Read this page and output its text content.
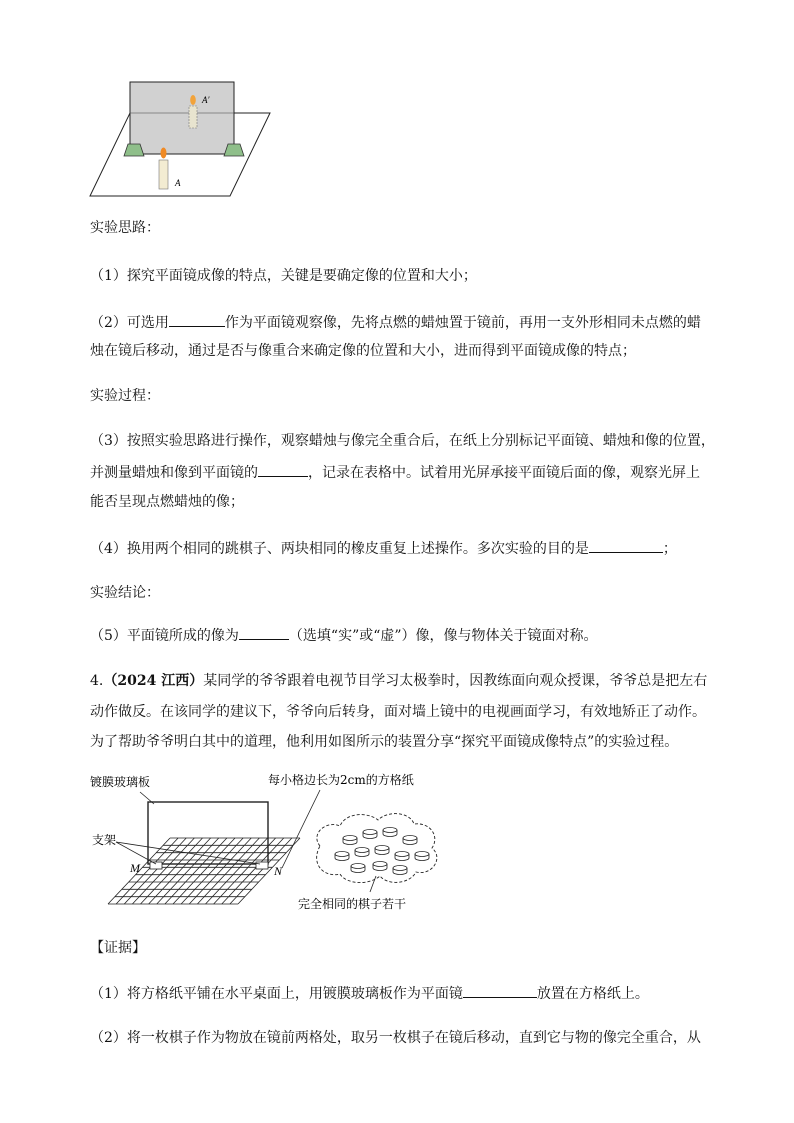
A′
A
实验思路：
（1）探究平面镜成像的特点，关键是要确定像的位置和大小；
（2）可选用	作为平面镜观察像，先将点燃的蜡烛置于镜前，再用一支外形相同未点燃的蜡
烛在镜后移动，通过是否与像重合来确定像的位置和大小，进而得到平面镜成像的特点；
实验过程：
（3）按照实验思路进行操作，观察蜡烛与像完全重合后，在纸上分别标记平面镜、蜡烛和像的位置，
并测量蜡烛和像到平面镜的	，记录在表格中。试着用光屏承接平面镜后面的像，观察光屏上
能否呈现点燃蜡烛的像；
（4）换用两个相同的跳棋子、两块相同的橡皮重复上述操作。多次实验的目的是	；
实验结论：
（5）平面镜所成的像为	（选填“实”或“虚”）像，像与物体关于镜面对称。
4.（2024 江西）某同学的爷爷跟着电视节目学习太极拳时，因教练面向观众授课，爷爷总是把左右
动作做反。在该同学的建议下，爷爷向后转身，面对墙上镜中的电视画面学习，有效地矫正了动作。
为了帮助爷爷明白其中的道理，他利用如图所示的装置分享“探究平面镜成像特点”的实验过程。
镀膜玻璃板	每小格边长为2cm的方格纸
支架
M	N
完全相同的棋子若干
【证据】
（1）将方格纸平铺在水平桌面上，用镀膜玻璃板作为平面镜	放置在方格纸上。
（2）将一枚棋子作为物放在镜前两格处，取另一枚棋子在镜后移动，直到它与物的像完全重合，从
